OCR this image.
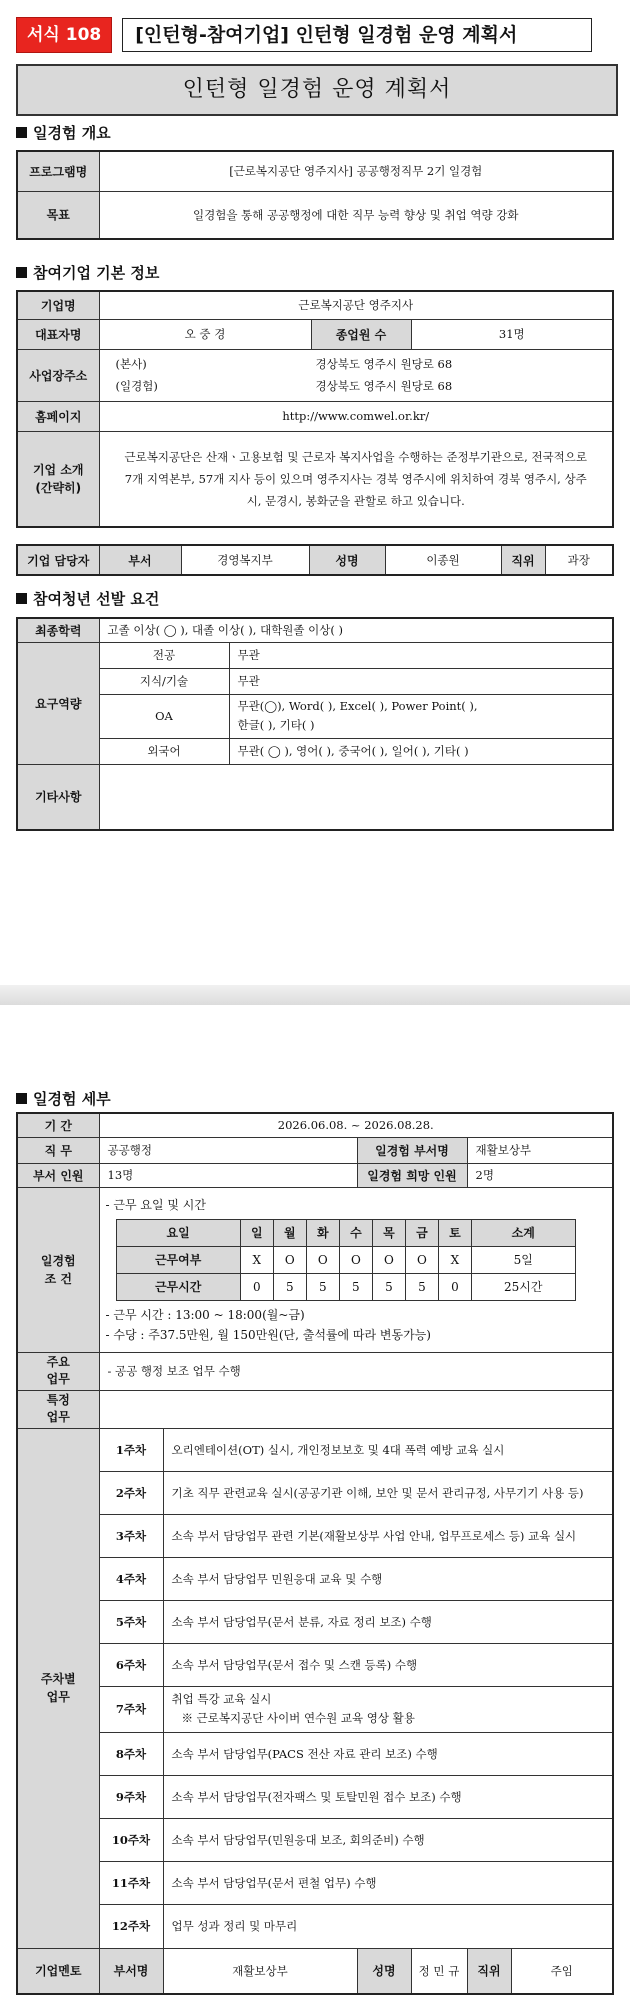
서식 108	[인턴형-참여기업] 인턴형 일경험 운영 계획서
인턴형 일경험 운영 계획서
일경험 개요
프로그램명	[근로복지공단 영주지사] 공공행정직무 2기 일경험
목표	일경험을 통해 공공행정에 대한 직무 능력 향상 및 취업 역량 강화
참여기업 기본 정보
기업명	근로복지공단 영주지사		
대표자명	오 중 경	종업원 수	31명
사업장주소	(본사) 경상북도 영주시 원당로 68
(일경험) 경상북도 영주시 원당로 68		

홈페이지	http://www.comwel.or.kr/		
기업 소개
(간략히)	근로복지공단은 산재ㆍ고용보험 및 근로자 복지사업을 수행하는 준정부기관으로, 전국적으로 7개 지역본부, 57개 지사 등이 있으며 영주지사는 경북 영주시에 위치하여 경북 영주시, 상주시, 문경시, 봉화군을 관할로 하고 있습니다.		
기업 담당자	부서	경영복지부	성명	이종원	직위	과장
참여청년 선발 요건
최종학력	고졸 이상( ◯ ), 대졸 이상( ), 대학원졸 이상( )	
요구역량	전공	무관
	지식/기술	무관
	OA	무관(◯), Word( ), Excel( ), Power Point( ),
한글( ), 기타( )

	외국어	무관( ◯ ), 영어( ), 중국어( ), 일어( ), 기타( )
기타사항		
일경험 세부
기 간	2026.06.08. ~ 2026.08.28.
직 무	공공행정	일경험 부서명	재활보상부
부서 인원	13명	일경험 희망 인원	2명
일경험
조 건	
- 근무 요일 및 시간
요일	일	월	화	수	목	금	토	소계
근무여부	X	O	O	O	O	O	X	5일
근무시간	0	5	5	5	5	5	0	25시간
- 근무 시간 : 13:00 ~ 18:00(월~금)
- 수당 : 주37.5만원, 월 150만원(단, 출석률에 따라 변동가능)

주요
업무	- 공공 행정 보조 업무 수행
특정
업무	
주차별
업무	1주차	오리엔테이션(OT) 실시, 개인정보보호 및 4대 폭력 예방 교육 실시
2주차	기초 직무 관련교육 실시(공공기관 이해, 보안 및 문서 관리규정, 사무기기 사용 등)
3주차	소속 부서 담당업무 관련 기본(재활보상부 사업 안내, 업무프로세스 등) 교육 실시
4주차	소속 부서 담당업무 민원응대 교육 및 수행
5주차	소속 부서 담당업무(문서 분류, 자료 정리 보조) 수행
6주차	소속 부서 담당업무(문서 접수 및 스캔 등록) 수행
7주차	
취업 특강 교육 실시
※ 근로복지공단 사이버 연수원 교육 영상 활용

8주차	소속 부서 담당업무(PACS 전산 자료 관리 보조) 수행
9주차	소속 부서 담당업무(전자팩스 및 토탈민원 접수 보조) 수행
10주차	소속 부서 담당업무(민원응대 보조, 회의준비) 수행
11주차	소속 부서 담당업무(문서 편철 업무) 수행
12주차	업무 성과 정리 및 마무리
기업멘토	부서명	재활보상부	성명	정 민 규	직위	주임
